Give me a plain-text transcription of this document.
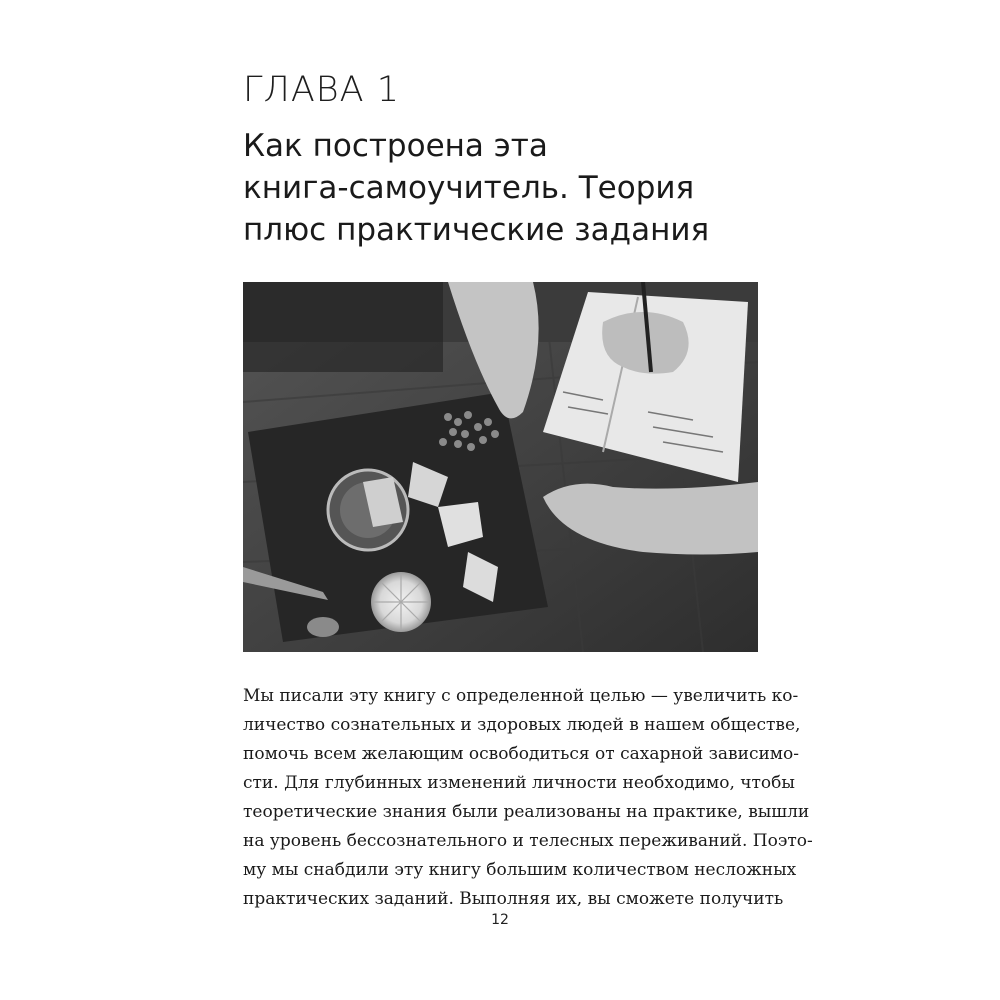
ГЛАВА 1
Как построена эта
книга-самоучитель. Теория
плюс практические задания
Мы писали эту книгу с определенной целью — увеличить ко-
личество сознательных и здоровых людей в нашем обществе,
помочь всем желающим освободиться от сахарной зависимо-
сти. Для глубинных изменений личности необходимо, чтобы
теоретические знания были реализованы на практике, вышли
на уровень бессознательного и телесных переживаний. Поэто-
му мы снабдили эту книгу большим количеством несложных
практических заданий. Выполняя их, вы сможете получить
12
